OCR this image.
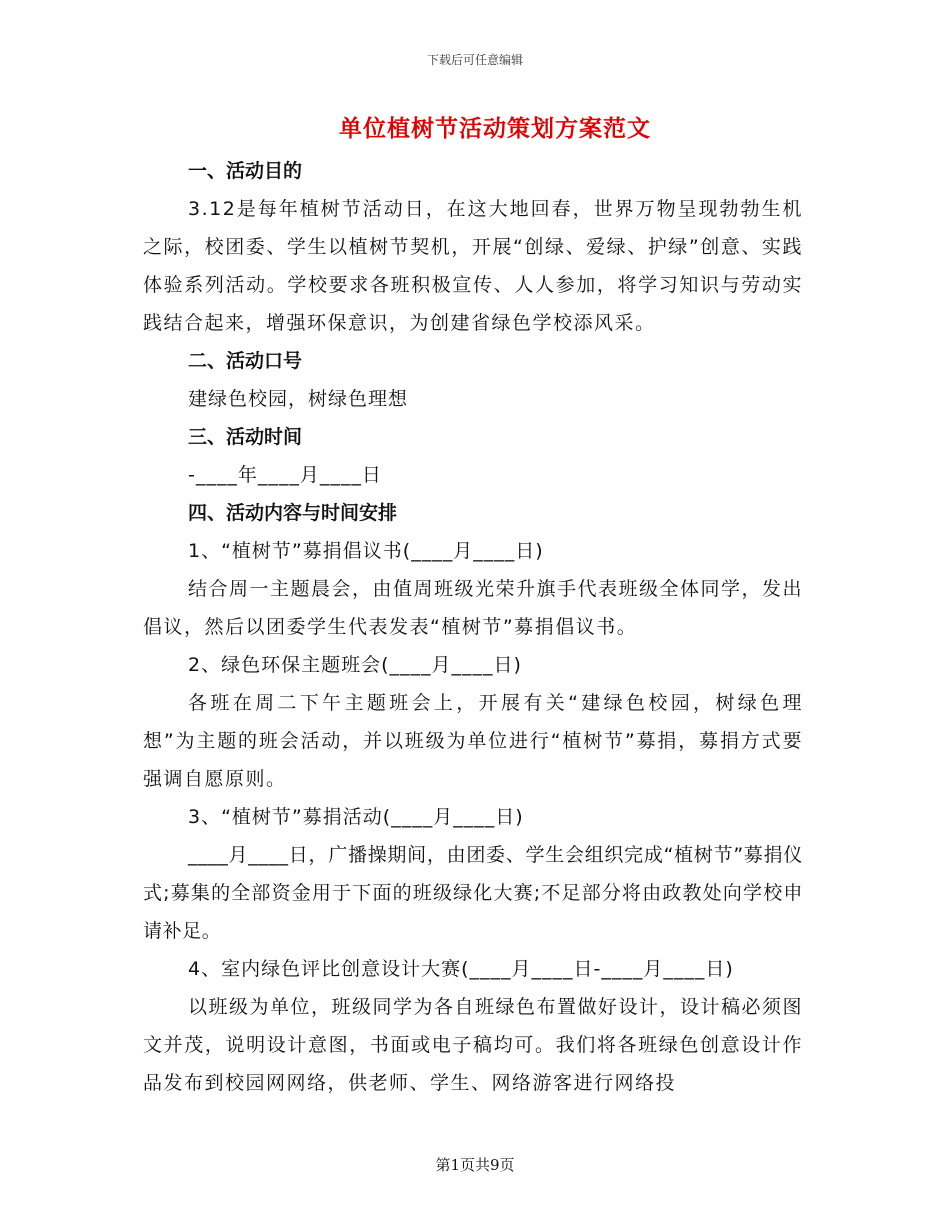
下载后可任意编辑
单位植树节活动策划方案范文
一、活动目的
3.12是每年植树节活动日，在这大地回春，世界万物呈现勃勃生机之际，校团委、学生以植树节契机，开展“创绿、爱绿、护绿”创意、实践体验系列活动。学校要求各班积极宣传、人人参加，将学习知识与劳动实践结合起来，增强环保意识，为创建省绿色学校添风采。
二、活动口号
建绿色校园，树绿色理想
三、活动时间
-____年____月____日
四、活动内容与时间安排
1、“植树节”募捐倡议书(____月____日)
结合周一主题晨会，由值周班级光荣升旗手代表班级全体同学，发出倡议，然后以团委学生代表发表“植树节”募捐倡议书。
2、绿色环保主题班会(____月____日)
各班在周二下午主题班会上，开展有关“建绿色校园，树绿色理想”为主题的班会活动，并以班级为单位进行“植树节”募捐，募捐方式要强调自愿原则。
3、“植树节”募捐活动(____月____日)
____月____日，广播操期间，由团委、学生会组织完成“植树节”募捐仪式;募集的全部资金用于下面的班级绿化大赛;不足部分将由政教处向学校申请补足。
4、室内绿色评比创意设计大赛(____月____日-____月____日)
以班级为单位，班级同学为各自班绿色布置做好设计，设计稿必须图文并茂，说明设计意图，书面或电子稿均可。我们将各班绿色创意设计作品发布到校园网网络，供老师、学生、网络游客进行网络投
第1页共9页
